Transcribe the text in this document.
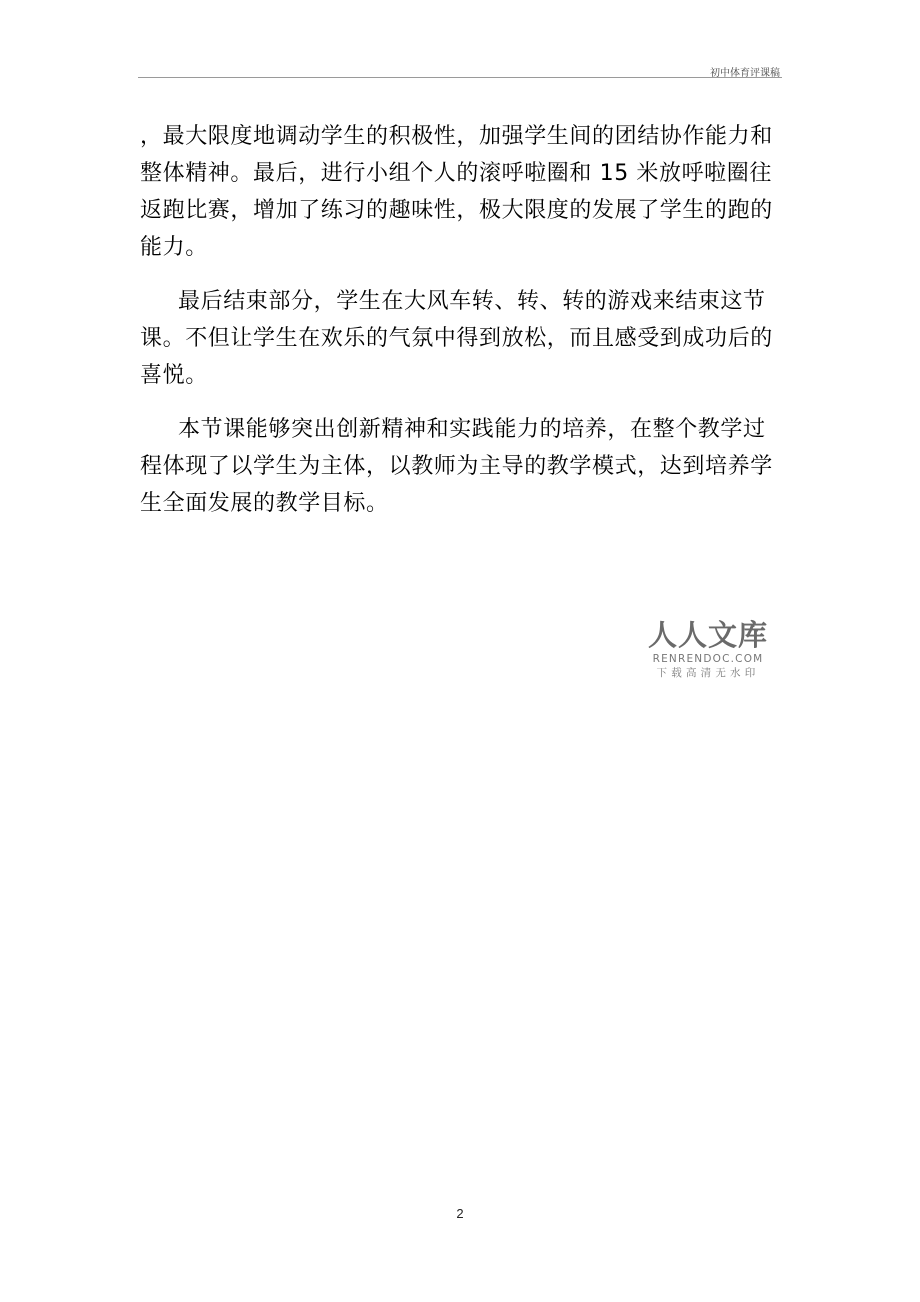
初中体育评课稿

，最大限度地调动学生的积极性，加强学生间的团结协作能力和整体精神。最后，进行小组个人的滚呼啦圈和 15 米放呼啦圈往返跑比赛，增加了练习的趣味性，极大限度的发展了学生的跑的能力。

最后结束部分，学生在大风车转、转、转的游戏来结束这节课。不但让学生在欢乐的气氛中得到放松，而且感受到成功后的喜悦。

本节课能够突出创新精神和实践能力的培养，在整个教学过程体现了以学生为主体，以教师为主导的教学模式，达到培养学生全面发展的教学目标。

人人文库
RENRENDOC.COM
下载高清无水印
2
